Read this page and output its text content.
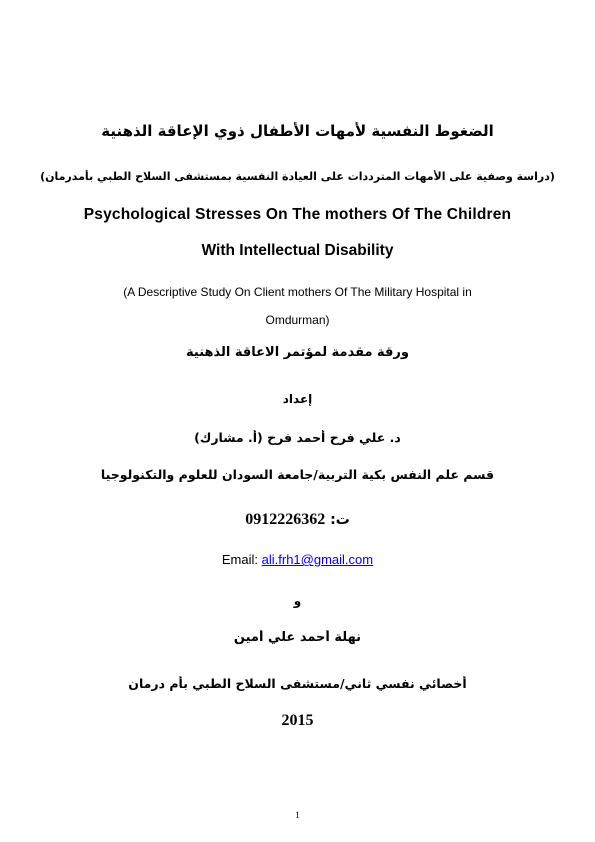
الضغوط النفسية لأمهات الأطفال ذوي الإعاقة الذهنية
(دراسة وصفية على الأمهات المترددات على العيادة النفسية بمستشفى السلاح الطبي بأمدرمان)
Psychological Stresses On The mothers Of The Children
With Intellectual Disability
(A Descriptive Study On Client mothers Of The Military Hospital in
Omdurman)
ورقة مقدمة لمؤتمر الاعاقة الذهنية
إعداد
د. علي فرح أحمد فرح (أ. مشارك)
قسم علم النفس بكية التربية/جامعة السودان للعلوم والتكنولوجيا
ت: 0912226362
Email: ali.frh1@gmail.com
و
نهلة أحمد علي أمين
أخصائي نفسي ثاني/مستشفى السلاح الطبي بأم درمان
2015
1
